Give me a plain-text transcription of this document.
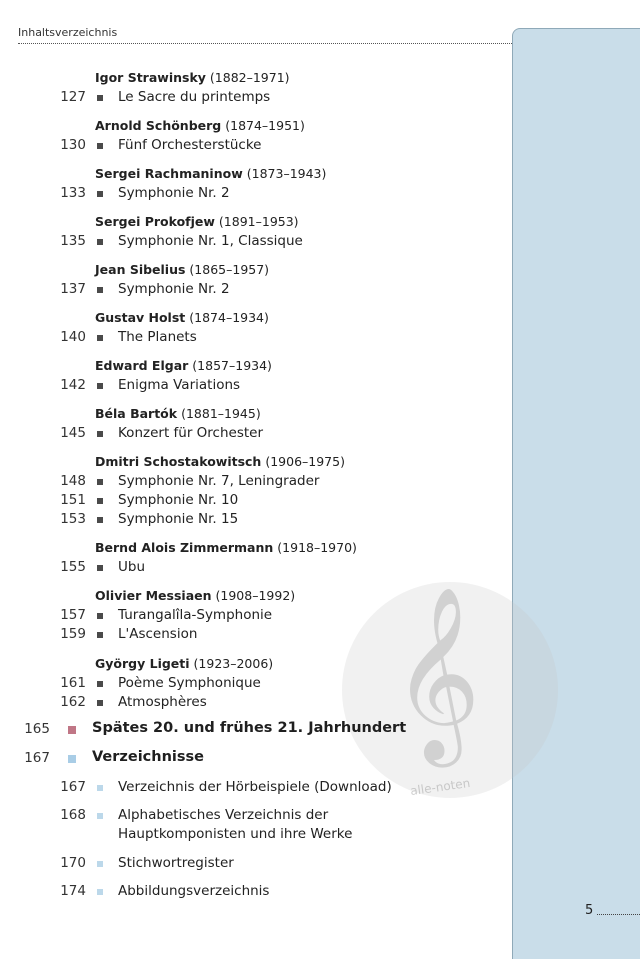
Inhaltsverzeichnis
𝄞
alle-noten
Igor Strawinsky (1882–1971)
Arnold Schönberg (1874–1951)
Sergei Rachmaninow (1873–1943)
Sergei Prokofjew (1891–1953)
Jean Sibelius (1865–1957)
Gustav Holst (1874–1934)
Edward Elgar (1857–1934)
Béla Bartók (1881–1945)
Dmitri Schostakowitsch (1906–1975)
Bernd Alois Zimmermann (1918–1970)
Olivier Messiaen (1908–1992)
György Ligeti (1923–2006)
127 Le Sacre du printemps
130 Fünf Orchesterstücke
133 Symphonie Nr. 2
135 Symphonie Nr. 1, Classique
137 Symphonie Nr. 2
140 The Planets
142 Enigma Variations
145 Konzert für Orchester
148 Symphonie Nr. 7, Leningrader
151 Symphonie Nr. 10
153 Symphonie Nr. 15
155 Ubu
157 Turangalîla-Symphonie
159 L'Ascension
161 Poème Symphonique
162 Atmosphères
165	Spätes 20. und frühes 21. Jahrhundert
167	Verzeichnisse
167 Verzeichnis der Hörbeispiele (Download)
168 Alphabetisches Verzeichnis der
Hauptkomponisten und ihre Werke
170 Stichwortregister
174 Abbildungsverzeichnis
5
